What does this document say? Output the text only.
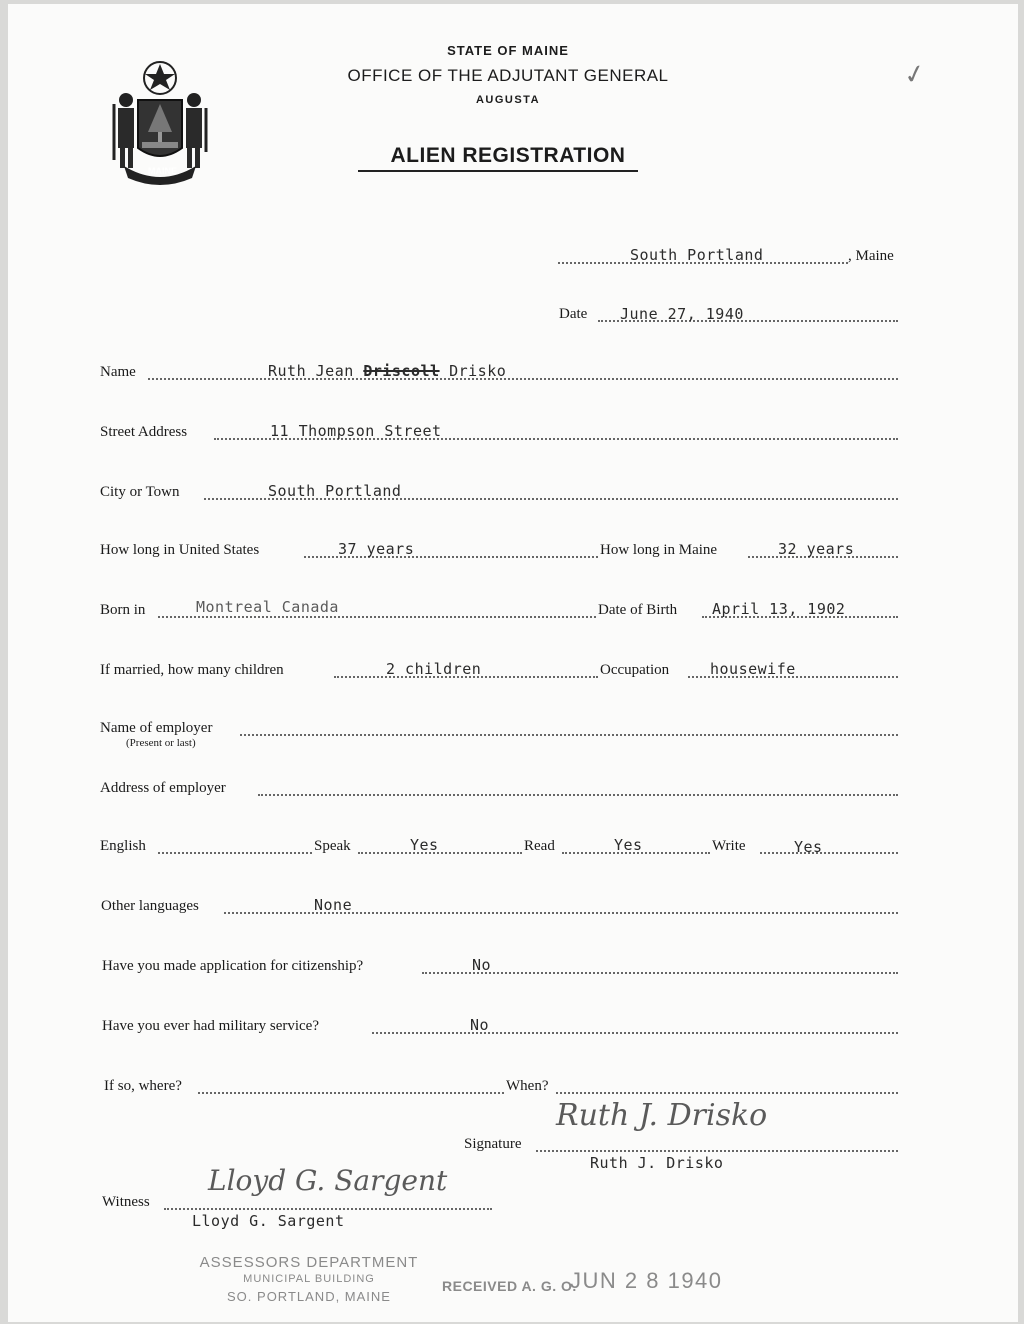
MAINE
STATE OF MAINE
OFFICE OF THE ADJUTANT GENERAL
AUGUSTA
ALIEN REGISTRATION
✓
South Portland	, Maine
Date June 27, 1940
Name	Ruth Jean Driscoll Drisko
Street Address	11 Thompson Street
City or Town	South Portland
How long in United States	37 years	How long in Maine	32 years
Born in	Montreal Canada	Date of Birth April 13, 1902
If married, how many children	2 children	Occupation	housewife
Name of employer
(Present or last)
Address of employer
English	Speak	Yes	Read	Yes	Write	Yes
Other languages	None
Have you made application for citizenship?	No
Have you ever had military service?	No
If so, where?	When?
Signature
Ruth J. Drisko
Ruth J. Drisko
Witness
Lloyd G. Sargent
Lloyd G. Sargent
ASSESSORS DEPARTMENT
MUNICIPAL BUILDING
SO. PORTLAND, MAINE
RECEIVED A. G. O.
JUN 2 8 1940
